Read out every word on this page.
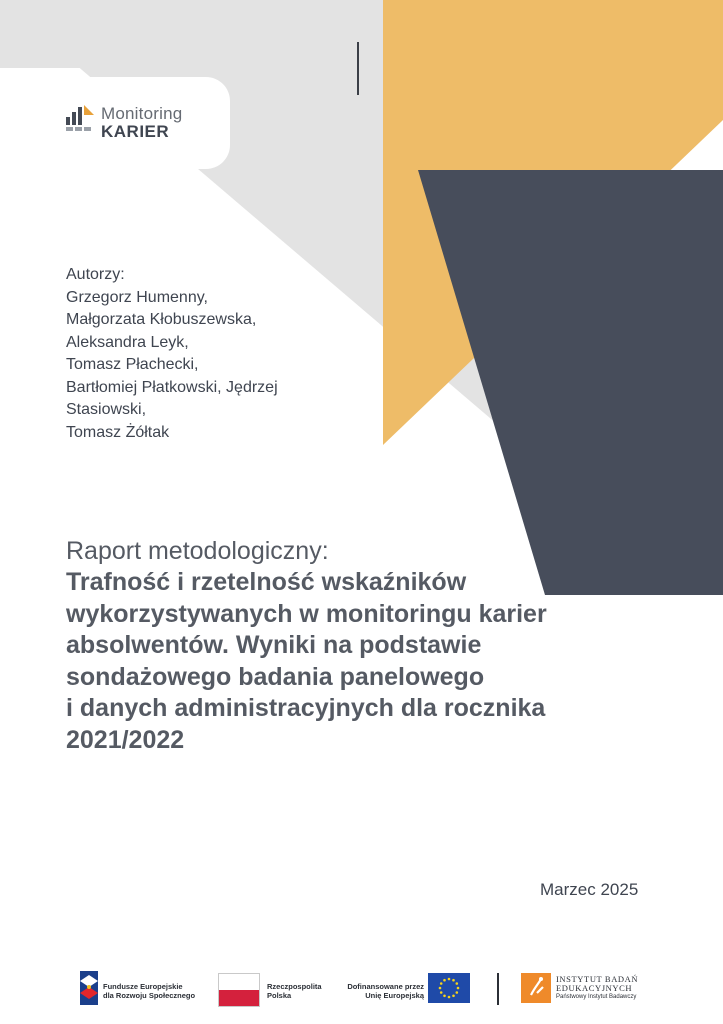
Monitoring
KARIER
Autorzy:
Grzegorz Humenny,
Małgorzata Kłobuszewska,
Aleksandra Leyk,
Tomasz Płachecki,
Bartłomiej Płatkowski, Jędrzej
Stasiowski,
Tomasz Żółtak
Raport metodologiczny:
Trafność i rzetelność wskaźników
wykorzystywanych w monitoringu karier
absolwentów. Wyniki na podstawie
sondażowego badania panelowego
i danych administracyjnych dla rocznika
2021/2022
Marzec 2025
Fundusze Europejskie
dla Rozwoju Społecznego
Rzeczpospolita
Polska
Dofinansowane przez
Unię Europejską
INSTYTUT BADAŃ
EDUKACYJNYCH
Państwowy Instytut Badawczy
